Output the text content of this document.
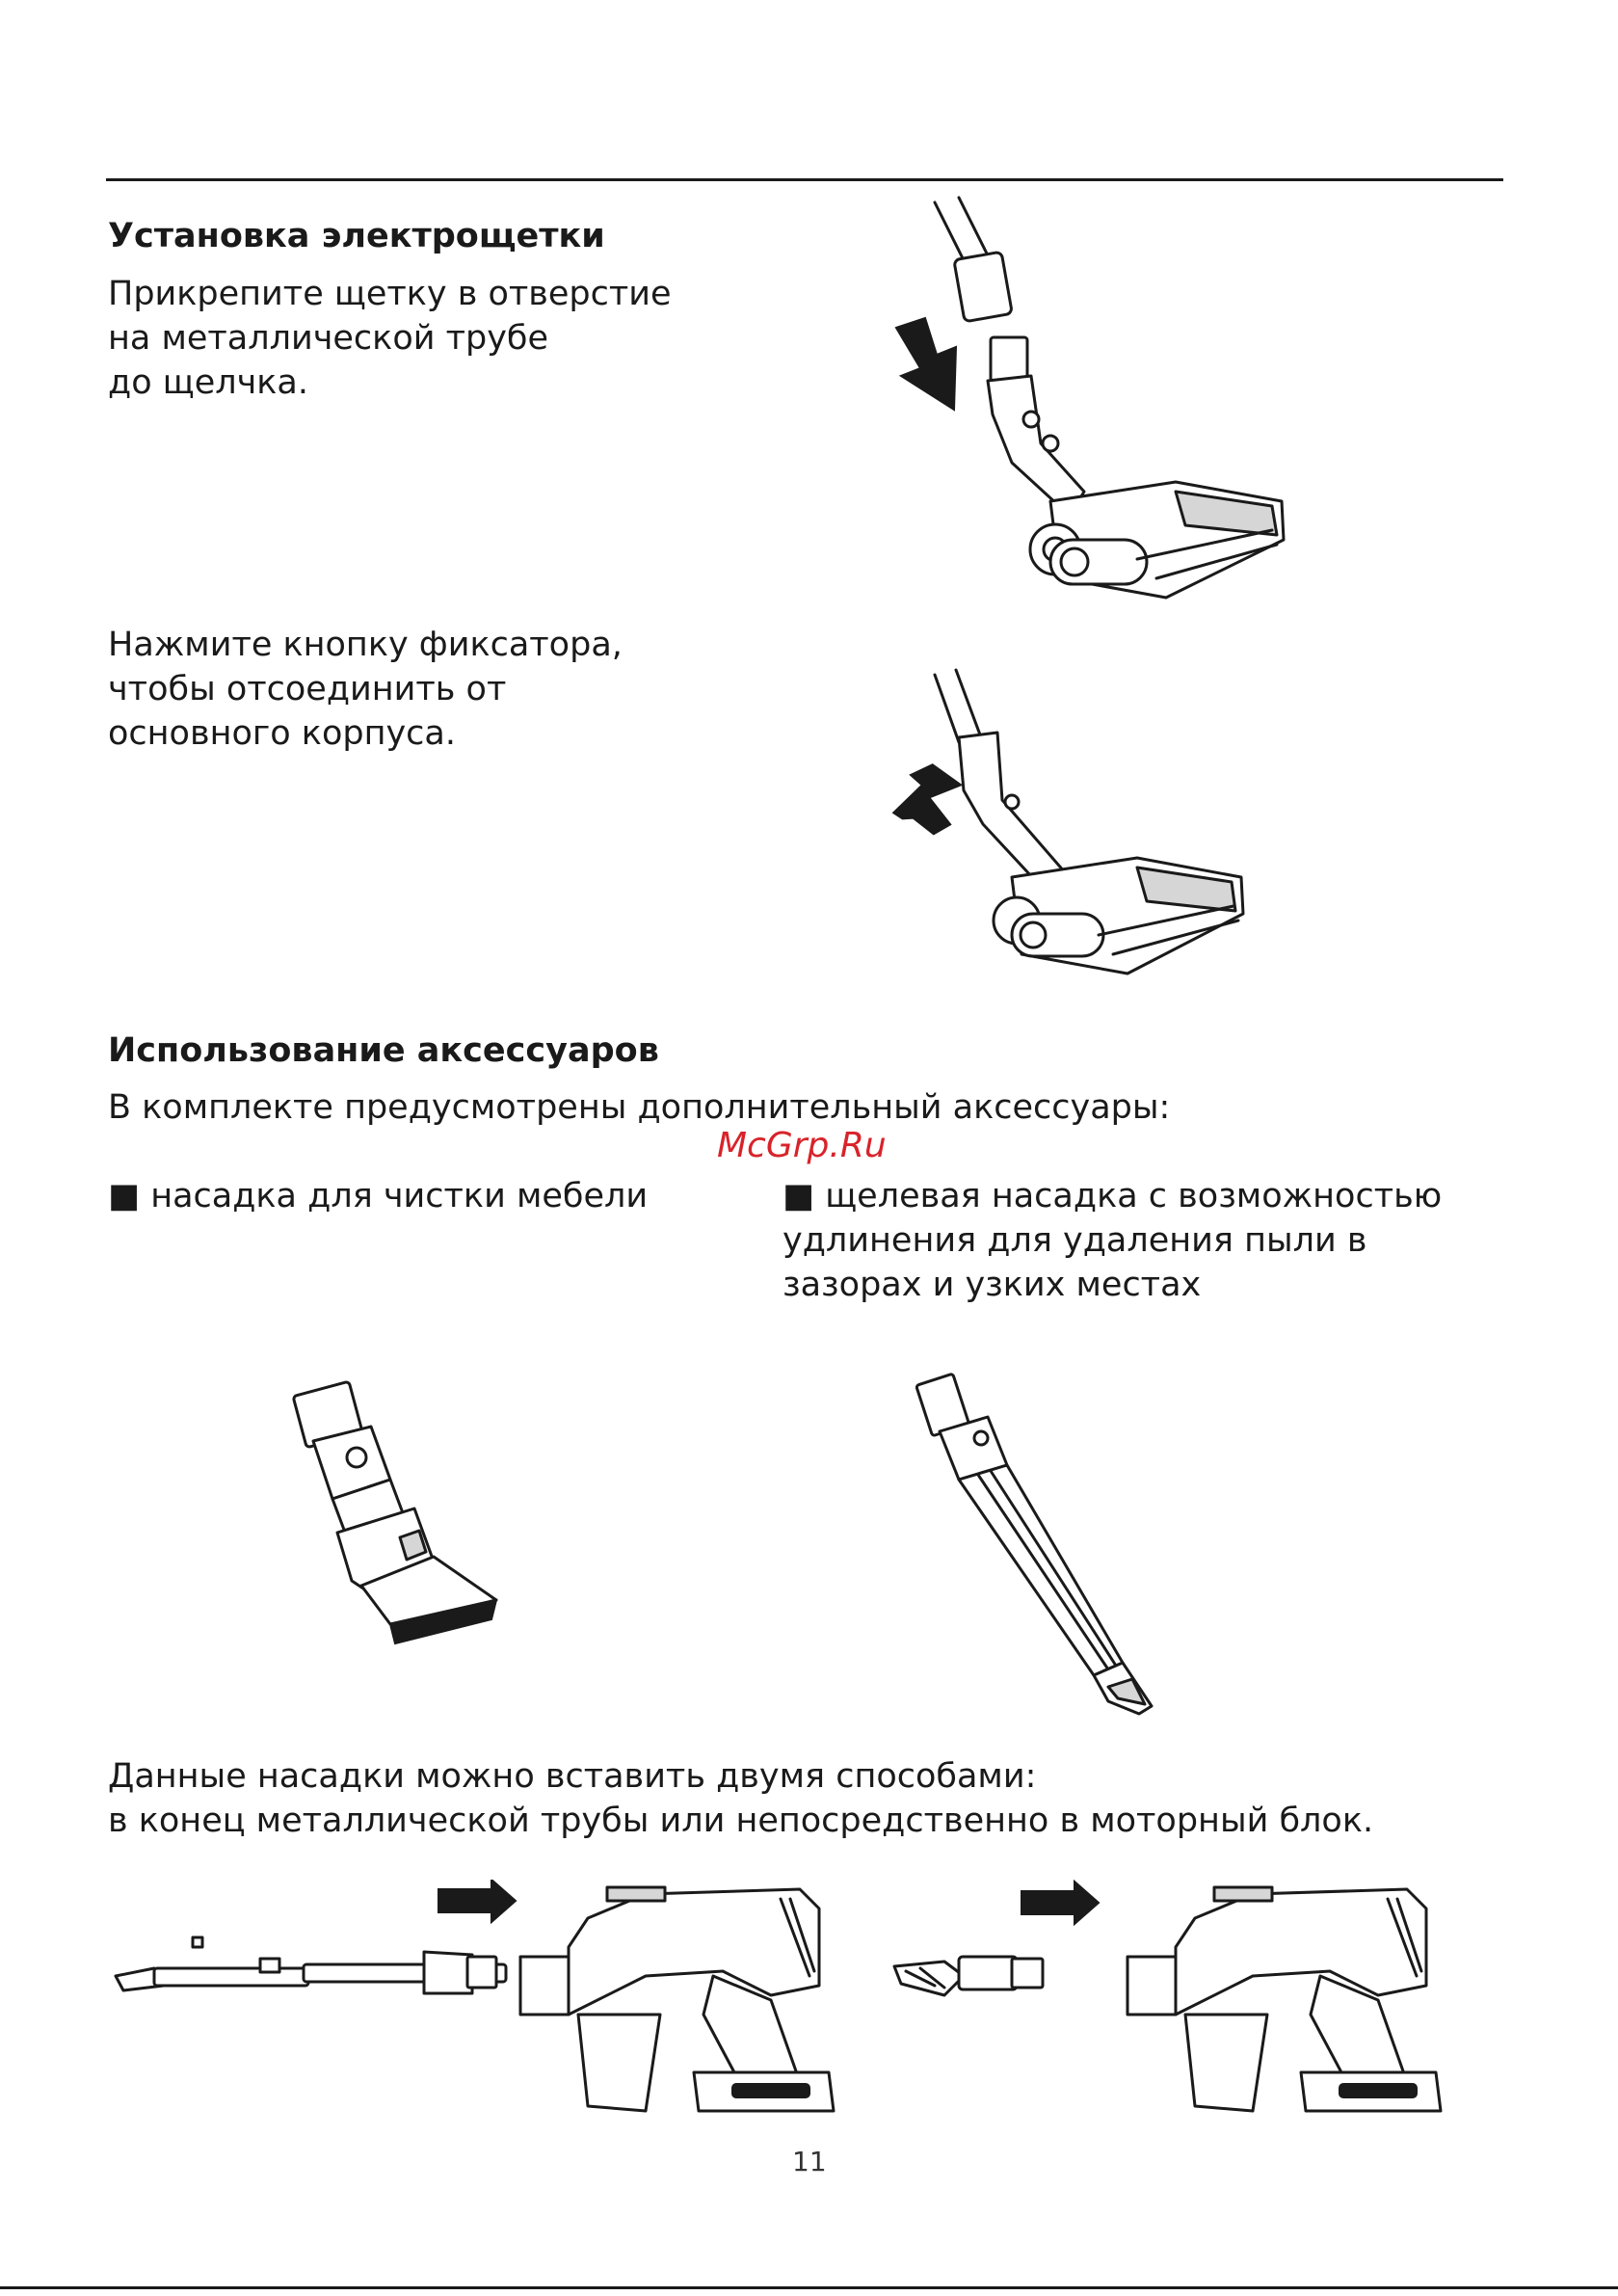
Установка электрощетки
Прикрепите щетку в отверстие
на металлической трубе
до щелчка.
Нажмите кнопку фиксатора,
чтобы отсоединить от
основного корпуса.
Использование аксессуаров

В комплекте предусмотрены дополнительный аксессуары:

McGrp.Ru

■ насадка для чистки мебели	■ щелевая насадка с возможностью
удлинения для удаления пыли в
зазорах и узких местах
Данные насадки можно вставить двумя способами:
в конец металлической трубы или непосредственно в моторный блок.
11
